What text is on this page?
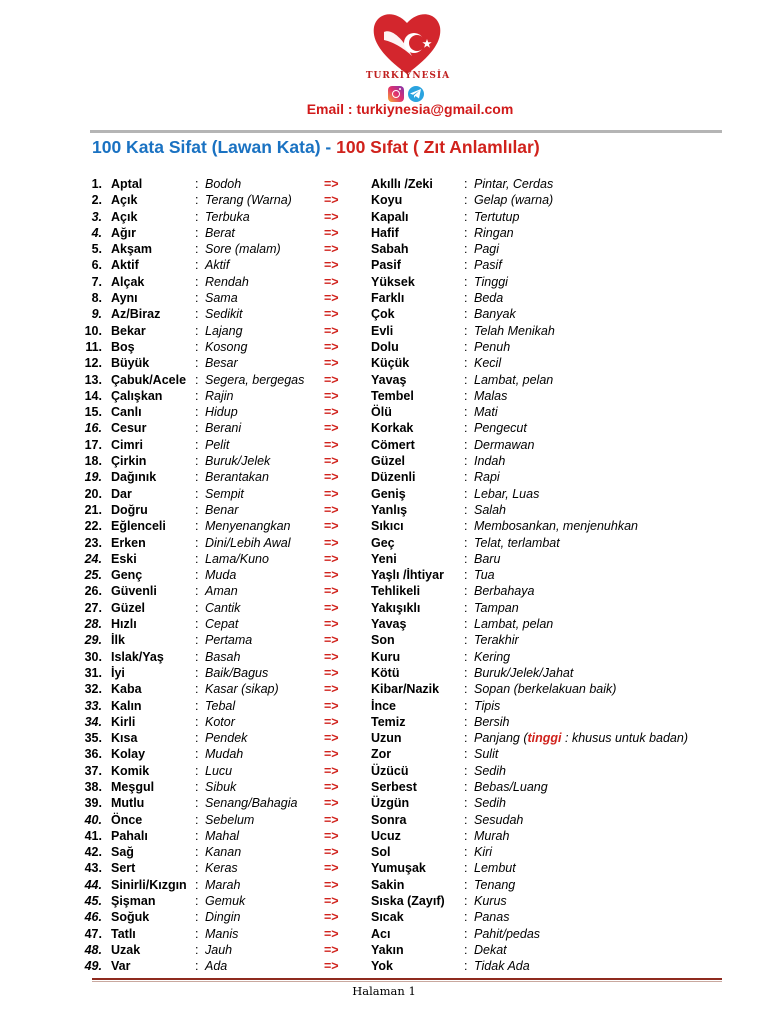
TURKİYNESİA
Email : turkiynesia@gmail.com
100 Kata Sifat (Lawan Kata) - 100 Sıfat ( Zıt Anlamlılar)
1. Aptal	: Bodoh	=>	Akıllı /Zeki : Pintar, Cerdas
2. Açık	: Terang (Warna)	=>	Koyu	: Gelap (warna)
3. Açık	: Terbuka	=>	Kapalı	: Tertutup
4. Ağır	: Berat	=>	Hafif	: Ringan
5. Akşam	: Sore (malam)	=>	Sabah	: Pagi
6. Aktif	: Aktif	=>	Pasif	: Pasif
7. Alçak	: Rendah	=>	Yüksek	: Tinggi
8. Aynı	: Sama	=>	Farklı	: Beda
9. Az/Biraz	: Sedikit	=>	Çok	: Banyak
10. Bekar	: Lajang	=>	Evli	: Telah Menikah
11. Boş	: Kosong	=>	Dolu	: Penuh
12. Büyük	: Besar	=>	Küçük	: Kecil
13. Çabuk/Acele : Segera, bergegas =>	Yavaş	: Lambat, pelan
14. Çalışkan	: Rajin	=>	Tembel	: Malas
15. Canlı	: Hidup	=>	Ölü	: Mati
16. Cesur	: Berani	=>	Korkak	: Pengecut
17. Cimri	: Pelit	=>	Cömert	: Dermawan
18. Çirkin	: Buruk/Jelek	=>	Güzel	: Indah
19. Dağınık	: Berantakan	=>	Düzenli	: Rapi
20. Dar	: Sempit	=>	Geniş	: Lebar, Luas
21. Doğru	: Benar	=>	Yanlış	: Salah
22. Eğlenceli : Menyenangkan	=>	Sıkıcı	: Membosankan, menjenuhkan
23. Erken	: Dini/Lebih Awal	=>	Geç	: Telat, terlambat
24. Eski	: Lama/Kuno	=>	Yeni	: Baru
25. Genç	: Muda	=>	Yaşlı /İhtiyar : Tua
26. Güvenli	: Aman	=>	Tehlikeli	: Berbahaya
27. Güzel	: Cantik	=>	Yakışıklı	: Tampan
28. Hızlı	: Cepat	=>	Yavaş	: Lambat, pelan
29. İlk	: Pertama	=>	Son	: Terakhir
30. Islak/Yaş : Basah	=>	Kuru	: Kering
31. İyi	: Baik/Bagus	=>	Kötü	: Buruk/Jelek/Jahat
32. Kaba	: Kasar (sikap)	=>	Kibar/Nazik : Sopan (berkelakuan baik)
33. Kalın	: Tebal	=>	İnce	: Tipis
34. Kirli	: Kotor	=>	Temiz	: Bersih
35. Kısa	: Pendek	=>	Uzun	: Panjang (tinggi : khusus untuk badan)
36. Kolay	: Mudah	=>	Zor	: Sulit
37. Komik	: Lucu	=>	Üzücü	: Sedih
38. Meşgul	: Sibuk	=>	Serbest	: Bebas/Luang
39. Mutlu	: Senang/Bahagia =>	Üzgün	: Sedih
40. Önce	: Sebelum	=>	Sonra	: Sesudah
41. Pahalı	: Mahal	=>	Ucuz	: Murah
42. Sağ	: Kanan	=>	Sol	: Kiri
43. Sert	: Keras	=>	Yumuşak	: Lembut
44. Sinirli/Kızgın : Marah	=>	Sakin	: Tenang
45. Şişman	: Gemuk	=>	Sıska (Zayıf) : Kurus
46. Soğuk	: Dingin	=>	Sıcak	: Panas
47. Tatlı	: Manis	=>	Acı	: Pahit/pedas
48. Uzak	: Jauh	=>	Yakın	: Dekat
49. Var	: Ada	=>	Yok	: Tidak Ada
Halaman 1
